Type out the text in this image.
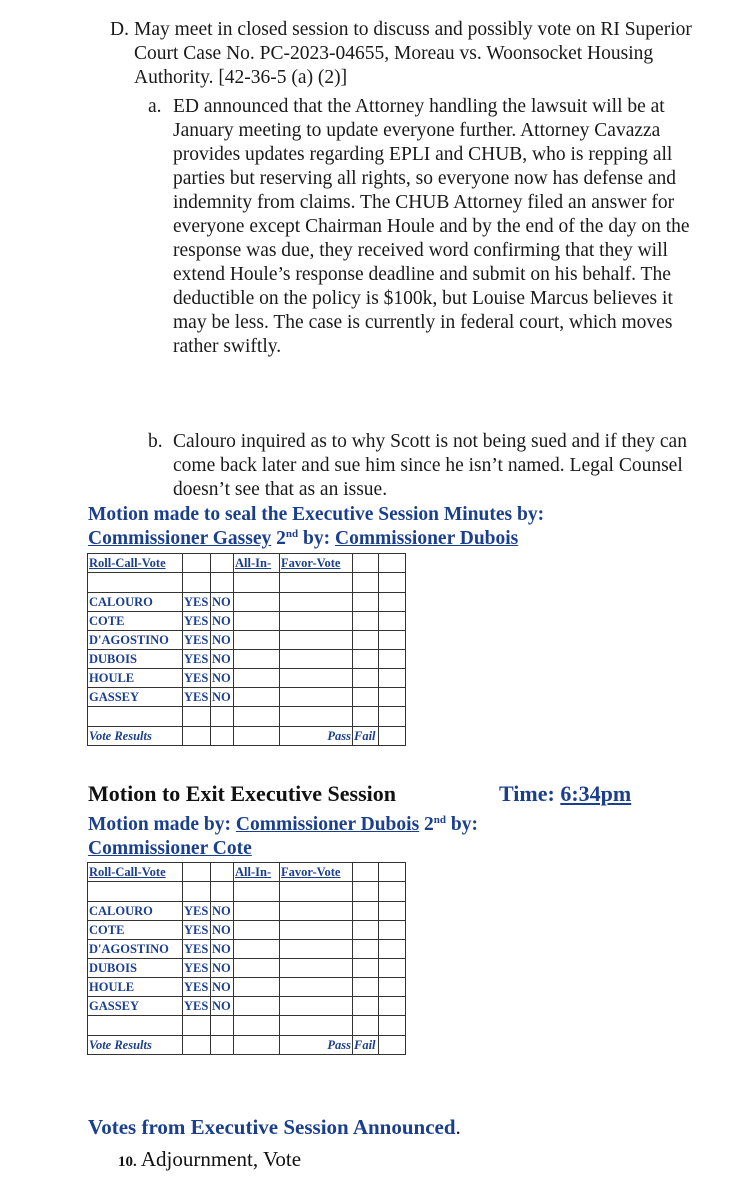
D. May meet in closed session to discuss and possibly vote on RI Superior Court Case No. PC-2023-04655, Moreau vs. Woonsocket Housing Authority. [42-36-5 (a) (2)]
a. ED announced that the Attorney handling the lawsuit will be at January meeting to update everyone further. Attorney Cavazza provides updates regarding EPLI and CHUB, who is repping all parties but reserving all rights, so everyone now has defense and indemnity from claims. The CHUB Attorney filed an answer for everyone except Chairman Houle and by the end of the day on the response was due, they received word confirming that they will extend Houle’s response deadline and submit on his behalf. The deductible on the policy is $100k, but Louise Marcus believes it may be less. The case is currently in federal court, which moves rather swiftly.
b. Calouro inquired as to why Scott is not being sued and if they can come back later and sue him since he isn’t named. Legal Counsel doesn’t see that as an issue.
Motion made to seal the Executive Session Minutes by:
Commissioner Gassey 2nd by: Commissioner Dubois
Roll-Call-Vote			All-In-	Favor-Vote		

CALOURO	YES	NO				
COTE	YES	NO				
D'AGOSTINO	YES	NO				
DUBOIS	YES	NO				
HOULE	YES	NO				
GASSEY	YES	NO				

Vote Results				Pass	Fail	
Motion to Exit Executive Session	Time: 6:34pm
Motion made by: Commissioner Dubois 2nd by:
Commissioner Cote
Roll-Call-Vote			All-In-	Favor-Vote		

CALOURO	YES	NO				
COTE	YES	NO				
D'AGOSTINO	YES	NO				
DUBOIS	YES	NO				
HOULE	YES	NO				
GASSEY	YES	NO				

Vote Results				Pass	Fail	
Votes from Executive Session Announced.
10. Adjournment, Vote
